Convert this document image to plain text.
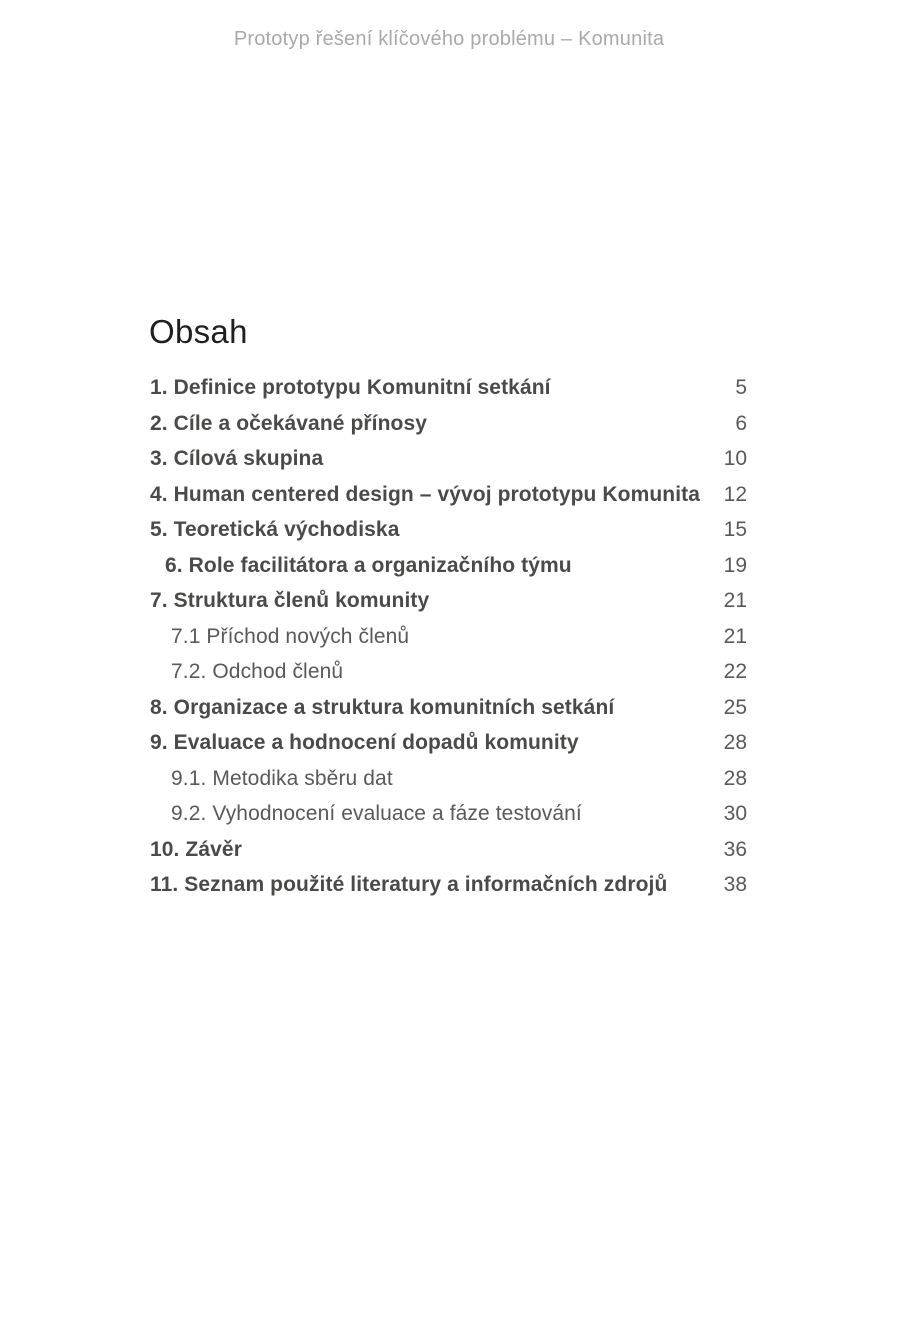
Prototyp řešení klíčového problému – Komunita
Obsah
1. Definice prototypu Komunitní setkání	5
2. Cíle a očekávané přínosy	6
3. Cílová skupina	10
4. Human centered design – vývoj prototypu Komunita	12
5. Teoretická východiska	15
6. Role facilitátora a organizačního týmu	19
7. Struktura členů komunity	21
7.1 Příchod nových členů	21
7.2. Odchod členů	22
8. Organizace a struktura komunitních setkání	25
9. Evaluace a hodnocení dopadů komunity	28
9.1. Metodika sběru dat	28
9.2. Vyhodnocení evaluace a fáze testování	30
10. Závěr	36
11. Seznam použité literatury a informačních zdrojů	38
